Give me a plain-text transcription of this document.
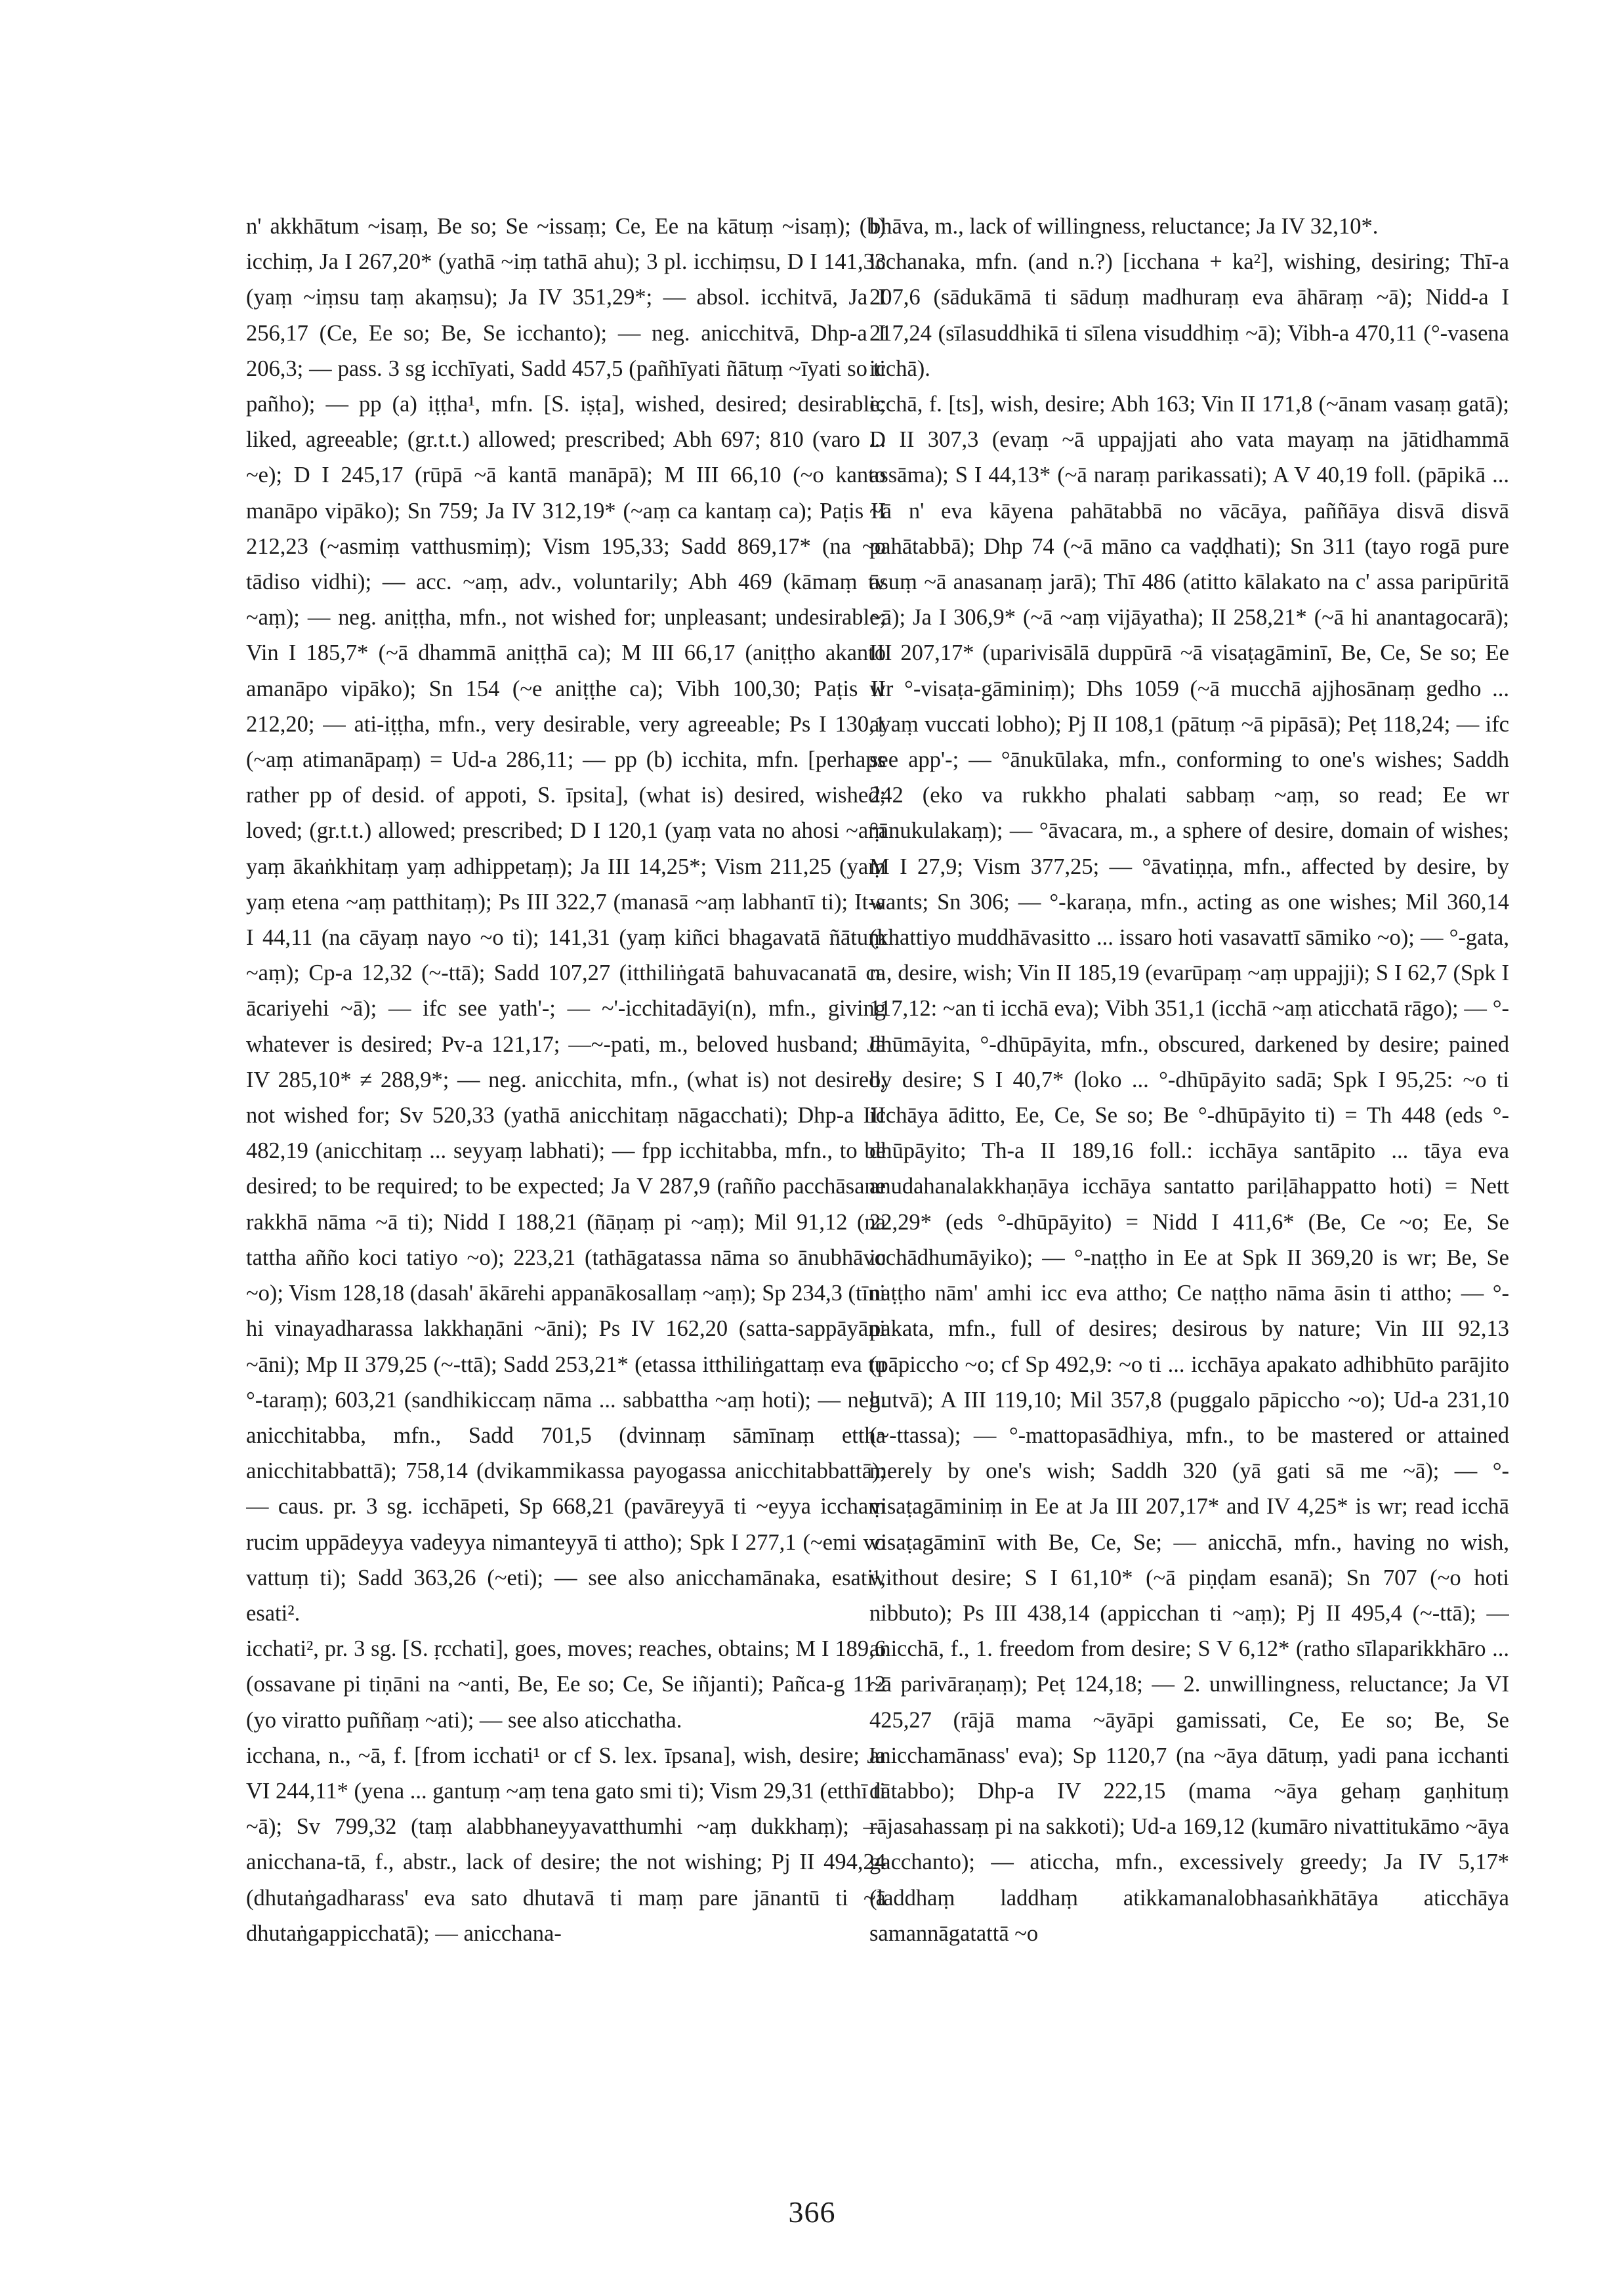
n' akkhātum ~isaṃ, Be so; Se ~issaṃ; Ce, Ee na kātuṃ ~isaṃ); (b) icchiṃ, Ja I 267,20* (yathā ~iṃ tathā ahu); 3 pl. icchiṃsu, D I 141,33 (yaṃ ~iṃsu taṃ akaṃsu); Ja IV 351,29*; — absol. icchitvā, Ja I 256,17 (Ce, Ee so; Be, Se icchanto); — neg. anicchitvā, Dhp-a I 206,3; — pass. 3 sg icchīyati, Sadd 457,5 (pañhīyati ñātuṃ ~īyati so ti pañho); — pp (a) iṭṭha¹, mfn. [S. iṣṭa], wished, desired; desirable; liked, agreeable; (gr.t.t.) allowed; prescribed; Abh 697; 810 (varo ... ~e); D I 245,17 (rūpā ~ā kantā manāpā); M III 66,10 (~o kanto manāpo vipāko); Sn 759; Ja IV 312,19* (~aṃ ca kantaṃ ca); Paṭis II 212,23 (~asmiṃ vatthusmiṃ); Vism 195,33; Sadd 869,17* (na ~o tādiso vidhi); — acc. ~aṃ, adv., voluntarily; Abh 469 (kāmaṃ tv ~aṃ); — neg. aniṭṭha, mfn., not wished for; unpleasant; undesirable; Vin I 185,7* (~ā dhammā aniṭṭhā ca); M III 66,17 (aniṭṭho akanto amanāpo vipāko); Sn 154 (~e aniṭṭhe ca); Vibh 100,30; Paṭis II 212,20; — ati-iṭṭha, mfn., very desirable, very agreeable; Ps I 130,1 (~aṃ atimanāpaṃ) = Ud-a 286,11; — pp (b) icchita, mfn. [perhaps rather pp of desid. of appoti, S. īpsita], (what is) desired, wished; loved; (gr.t.t.) allowed; prescribed; D I 120,1 (yaṃ vata no ahosi ~aṃ yaṃ ākaṅkhitaṃ yaṃ adhippetaṃ); Ja III 14,25*; Vism 211,25 (yaṃ yaṃ etena ~aṃ patthitaṃ); Ps III 322,7 (manasā ~aṃ labhantī ti); It-a I 44,11 (na cāyaṃ nayo ~o ti); 141,31 (yaṃ kiñci bhagavatā ñātuṃ ~aṃ); Cp-a 12,32 (~-ttā); Sadd 107,27 (itthiliṅgatā bahuvacanatā ca ācariyehi ~ā); — ifc see yath'-; — ~'-icchitadāyi(n), mfn., giving whatever is desired; Pv-a 121,17; —~-pati, m., beloved husband; Ja IV 285,10* ≠ 288,9*; — neg. anicchita, mfn., (what is) not desired, not wished for; Sv 520,33 (yathā anicchitaṃ nāgacchati); Dhp-a III 482,19 (anicchitaṃ ... seyyaṃ labhati); — fpp icchitabba, mfn., to be desired; to be required; to be expected; Ja V 287,9 (rañño pacchāsane rakkhā nāma ~ā ti); Nidd I 188,21 (ñāṇaṃ pi ~aṃ); Mil 91,12 (na tattha añño koci tatiyo ~o); 223,21 (tathāgatassa nāma so ānubhāvo ~o); Vism 128,18 (dasah' ākārehi appanākosallaṃ ~aṃ); Sp 234,3 (tīni hi vinayadharassa lakkhaṇāni ~āni); Ps IV 162,20 (satta-sappāyāni ~āni); Mp II 379,25 (~-ttā); Sadd 253,21* (etassa itthiliṅgattaṃ eva tu °-taraṃ); 603,21 (sandhikiccaṃ nāma ... sabbattha ~aṃ hoti); — neg. anicchitabba, mfn., Sadd 701,5 (dvinnaṃ sāmīnaṃ ettha anicchitabbattā); 758,14 (dvikammikassa payogassa anicchitabbattā); — caus. pr. 3 sg. icchāpeti, Sp 668,21 (pavāreyyā ti ~eyya icchaṃ rucim uppādeyya vadeyya nimanteyyā ti attho); Spk I 277,1 (~emi vo vattuṃ ti); Sadd 363,26 (~eti); — see also anicchamānaka, esati¹, esati².

icchati², pr. 3 sg. [S. ṛcchati], goes, moves; reaches, obtains; M I 189,6 (ossavane pi tiṇāni na ~anti, Be, Ee so; Ce, Se iñjanti); Pañca-g 112 (yo viratto puññaṃ ~ati); — see also aticchatha.

icchana, n., ~ā, f. [from icchati¹ or cf S. lex. īpsana], wish, desire; Ja VI 244,11* (yena ... gantuṃ ~aṃ tena gato smi ti); Vism 29,31 (etthī ti ~ā); Sv 799,32 (taṃ alabbhaneyyavatthumhi ~aṃ dukkhaṃ); — anicchana-tā, f., abstr., lack of desire; the not wishing; Pj II 494,24 (dhutaṅgadharass' eva sato dhutavā ti maṃ pare jānantū ti ~ā dhutaṅgappicchatā); — anicchana-

bhāva, m., lack of willingness, reluctance; Ja IV 32,10*.

icchanaka, mfn. (and n.?) [icchana + ka²], wishing, desiring; Thī-a 207,6 (sādukāmā ti sāduṃ madhuraṃ eva āhāraṃ ~ā); Nidd-a I 217,24 (sīlasuddhikā ti sīlena visuddhiṃ ~ā); Vibh-a 470,11 (°-vasena icchā).

icchā, f. [ts], wish, desire; Abh 163; Vin II 171,8 (~ānam vasaṃ gatā); D II 307,3 (evaṃ ~ā uppajjati aho vata mayaṃ na jātidhammā assāma); S I 44,13* (~ā naraṃ parikassati); A V 40,19 foll. (pāpikā ... ~ā n' eva kāyena pahātabbā no vācāya, paññāya disvā disvā pahātabbā); Dhp 74 (~ā māno ca vaḍḍhati); Sn 311 (tayo rogā pure āsuṃ ~ā anasanaṃ jarā); Thī 486 (atitto kālakato na c' assa paripūritā ~ā); Ja I 306,9* (~ā ~aṃ vijāyatha); II 258,21* (~ā hi anantagocarā); III 207,17* (uparivisālā duppūrā ~ā visaṭagāminī, Be, Ce, Se so; Ee wr °-visaṭa-gāminiṃ); Dhs 1059 (~ā mucchā ajjhosānaṃ gedho ... ayaṃ vuccati lobho); Pj II 108,1 (pātuṃ ~ā pipāsā); Peṭ 118,24; — ifc see app'-; — °ānukūlaka, mfn., conforming to one's wishes; Saddh 242 (eko va rukkho phalati sabbaṃ ~aṃ, so read; Ee wr °ānukulakaṃ); — °āvacara, m., a sphere of desire, domain of wishes; M I 27,9; Vism 377,25; — °āvatiṇṇa, mfn., affected by desire, by wants; Sn 306; — °-karaṇa, mfn., acting as one wishes; Mil 360,14 (khattiyo muddhāvasitto ... issaro hoti vasavattī sāmiko ~o); — °-gata, n., desire, wish; Vin II 185,19 (evarūpaṃ ~aṃ uppajji); S I 62,7 (Spk I 117,12: ~an ti icchā eva); Vibh 351,1 (icchā ~aṃ aticchatā rāgo); — °-dhūmāyita, °-dhūpāyita, mfn., obscured, darkened by desire; pained by desire; S I 40,7* (loko ... °-dhūpāyito sadā; Spk I 95,25: ~o ti icchāya āditto, Ee, Ce, Se so; Be °-dhūpāyito ti) = Th 448 (eds °-dhūpāyito; Th-a II 189,16 foll.: icchāya santāpito ... tāya eva anudahanalakkhaṇāya icchāya santatto pariḷāhappatto hoti) = Nett 22,29* (eds °-dhūpāyito) = Nidd I 411,6* (Be, Ce ~o; Ee, Se icchādhumāyiko); — °-naṭṭho in Ee at Spk II 369,20 is wr; Be, Se naṭṭho nām' amhi icc eva attho; Ce naṭṭho nāma āsin ti attho; — °-pakata, mfn., full of desires; desirous by nature; Vin III 92,13 (pāpiccho ~o; cf Sp 492,9: ~o ti ... icchāya apakato adhibhūto parājito hutvā); A III 119,10; Mil 357,8 (puggalo pāpiccho ~o); Ud-a 231,10 (~-ttassa); — °-mattopasādhiya, mfn., to be mastered or attained merely by one's wish; Saddh 320 (yā gati sā me ~ā); — °-visaṭagāminiṃ in Ee at Ja III 207,17* and IV 4,25* is wr; read icchā visaṭagāminī with Be, Ce, Se; — anicchā, mfn., having no wish, without desire; S I 61,10* (~ā piṇḍam esanā); Sn 707 (~o hoti nibbuto); Ps III 438,14 (appicchan ti ~aṃ); Pj II 495,4 (~-ttā); — anicchā, f., 1. freedom from desire; S V 6,12* (ratho sīlaparikkhāro ... ~ā parivāraṇaṃ); Peṭ 124,18; — 2. unwillingness, reluctance; Ja VI 425,27 (rājā mama ~āyāpi gamissati, Ce, Ee so; Be, Se anicchamānass' eva); Sp 1120,7 (na ~āya dātuṃ, yadi pana icchanti dātabbo); Dhp-a IV 222,15 (mama ~āya gehaṃ gaṇhituṃ rājasahassaṃ pi na sakkoti); Ud-a 169,12 (kumāro nivattitukāmo ~āya gacchanto); — aticcha, mfn., excessively greedy; Ja IV 5,17* (laddhaṃ laddhaṃ atikkamanalobhasaṅkhātāya aticchāya samannāgatattā ~o

366
